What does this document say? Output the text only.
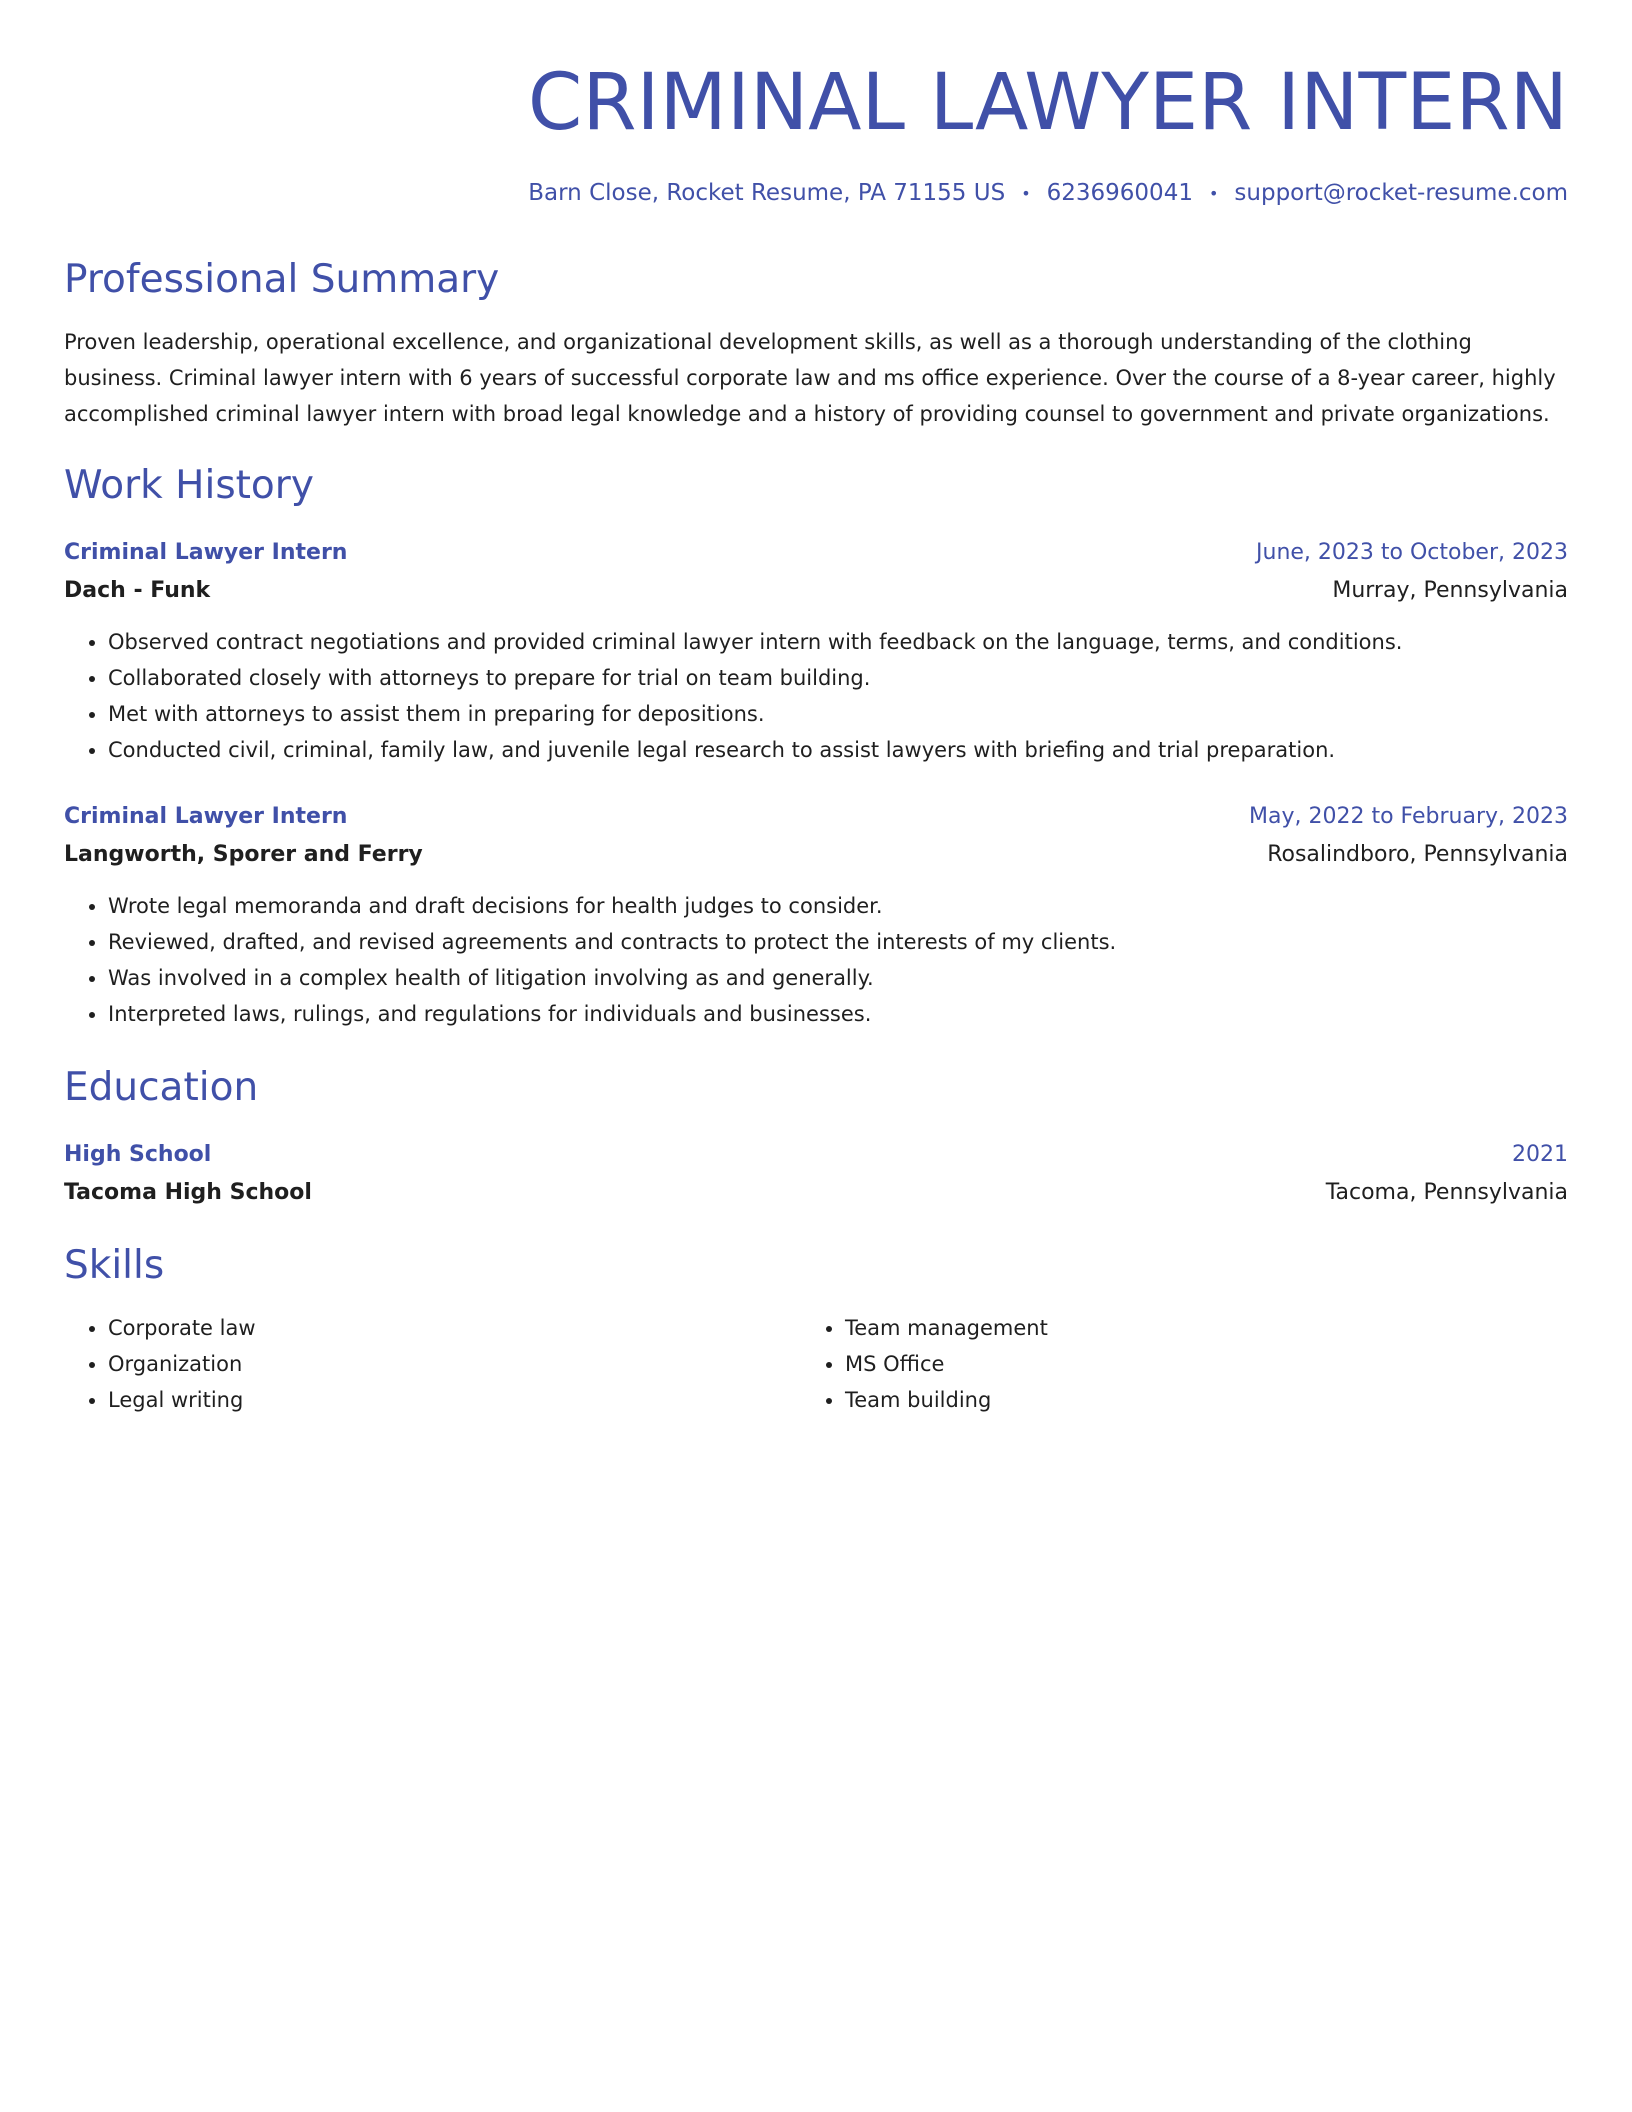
CRIMINAL LAWYER INTERN
Barn Close, Rocket Resume, PA 71155 US • 6236960041 • support@rocket-resume.com
Professional Summary
Proven leadership, operational excellence, and organizational development skills, as well as a thorough understanding of the clothing business. Criminal lawyer intern with 6 years of successful corporate law and ms office experience. Over the course of a 8-year career, highly accomplished criminal lawyer intern with broad legal knowledge and a history of providing counsel to government and private organizations.
Work History
Criminal Lawyer Intern	June, 2023 to October, 2023
Dach - Funk	Murray, Pennsylvania
• Observed contract negotiations and provided criminal lawyer intern with feedback on the language, terms, and conditions.
• Collaborated closely with attorneys to prepare for trial on team building.
• Met with attorneys to assist them in preparing for depositions.
• Conducted civil, criminal, family law, and juvenile legal research to assist lawyers with briefing and trial preparation.
Criminal Lawyer Intern	May, 2022 to February, 2023
Langworth, Sporer and Ferry	Rosalindboro, Pennsylvania
• Wrote legal memoranda and draft decisions for health judges to consider.
• Reviewed, drafted, and revised agreements and contracts to protect the interests of my clients.
• Was involved in a complex health of litigation involving as and generally.
• Interpreted laws, rulings, and regulations for individuals and businesses.
Education
High School	2021
Tacoma High School	Tacoma, Pennsylvania
Skills
• Corporate law
• Organization
• Legal writing
• Team management
• MS Office
• Team building
